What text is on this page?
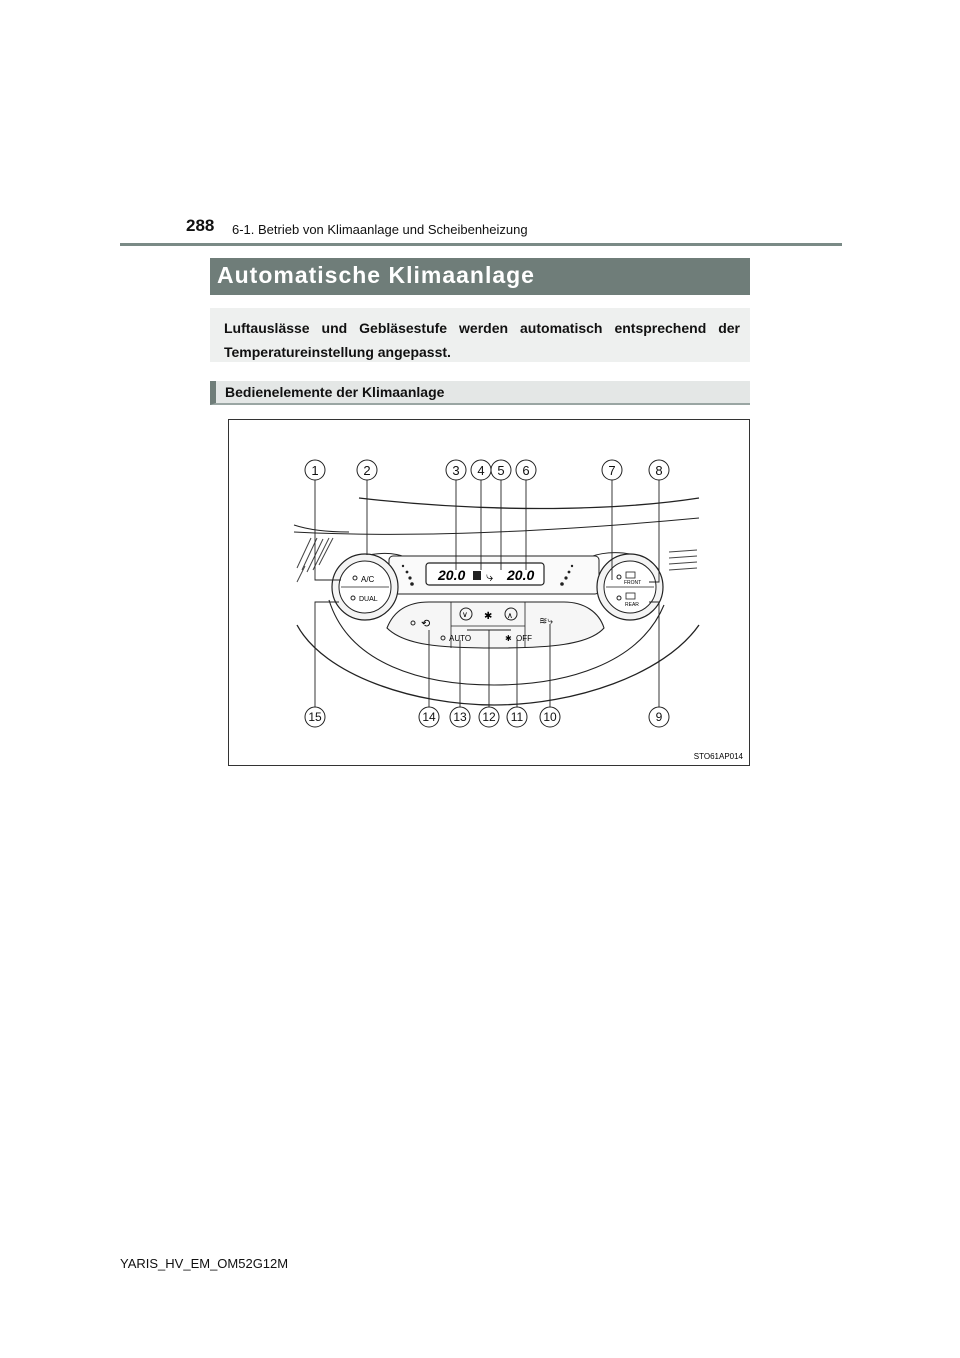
288 6-1. Betrieb von Klimaanlage und Scheibenheizung
Automatische Klimaanlage
Luftauslässe und Gebläsestufe werden automatisch entsprechend der Temperatureinstellung angepasst.
Bedienelemente der Klimaanlage
20.0 ⤷ 20.0
A/C
DUAL
FRONT
REAR
⟲
∨ ✱ ∧
AUTO	✱ OFF
≋⤷
1	2	3 4 5 6	7	8
15	14 13 12 11 10	9
STO61AP014
YARIS_HV_EM_OM52G12M
